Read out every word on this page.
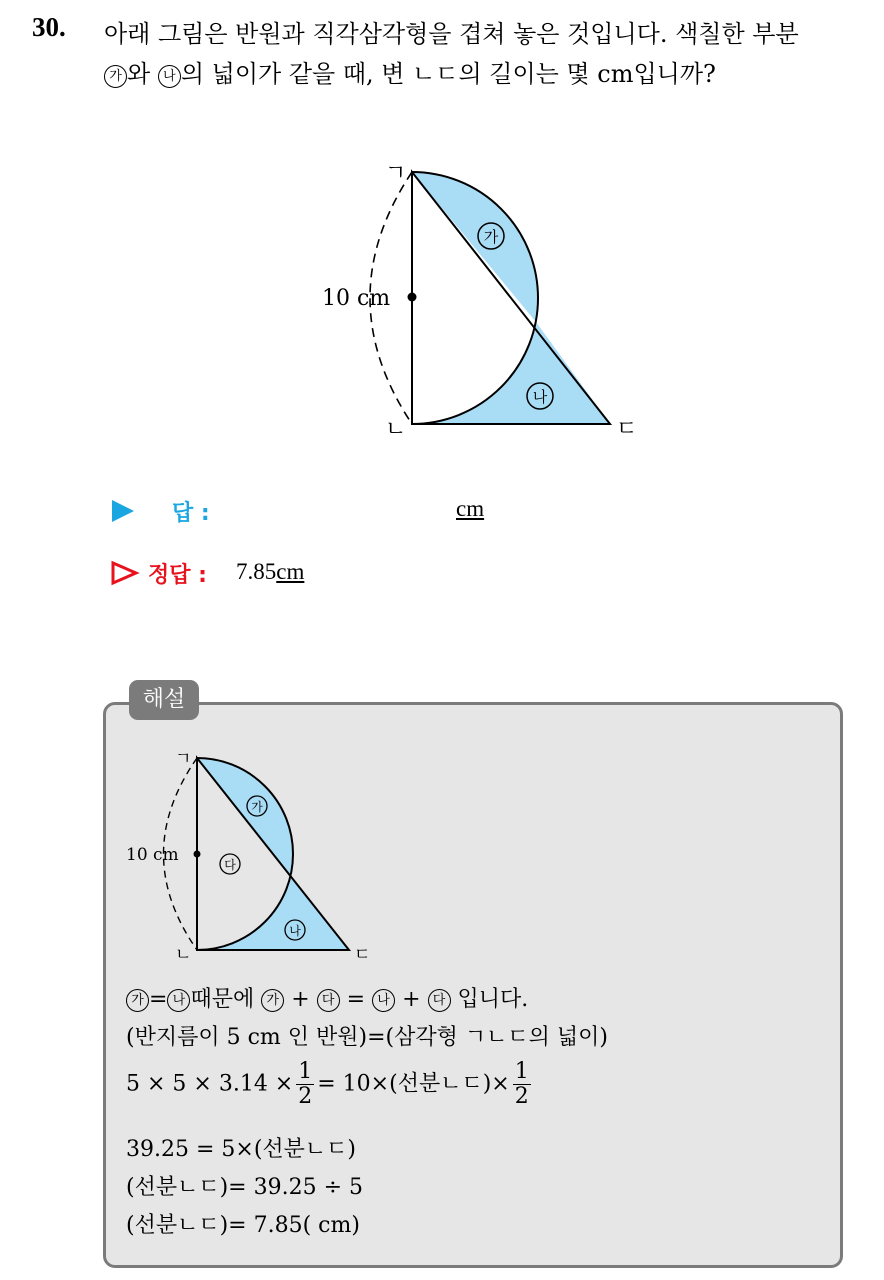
30. 아래 그림은 반원과 직각삼각형을 겹쳐 놓은 것입니다. 색칠한 부분
가 와 나 의 넓이가 같을 때, 변 ㄴㄷ의 길이는 몇 cm입니까?
10 cm
ㄱ
ㄴ	ㄷ
가
나
답 :	cm
정답 : 7.85cm
해설
10 cm
ㄱ
ㄴ	ㄷ
가
다
나
가 = 나 때문에 가 + 다 = 나 + 다 입니다.
(반지름이 5 cm 인 반원)=(삼각형 ㄱㄴㄷ의 넓이)
$5 \times 5 \times 3.14 \times \frac{1}{2} = 10\times$(선분ㄴㄷ)× $\frac{1}{2}$
39.25 = 5×(선분ㄴㄷ)
(선분ㄴㄷ)= 39.25 ÷ 5
(선분ㄴㄷ)= 7.85( cm)
